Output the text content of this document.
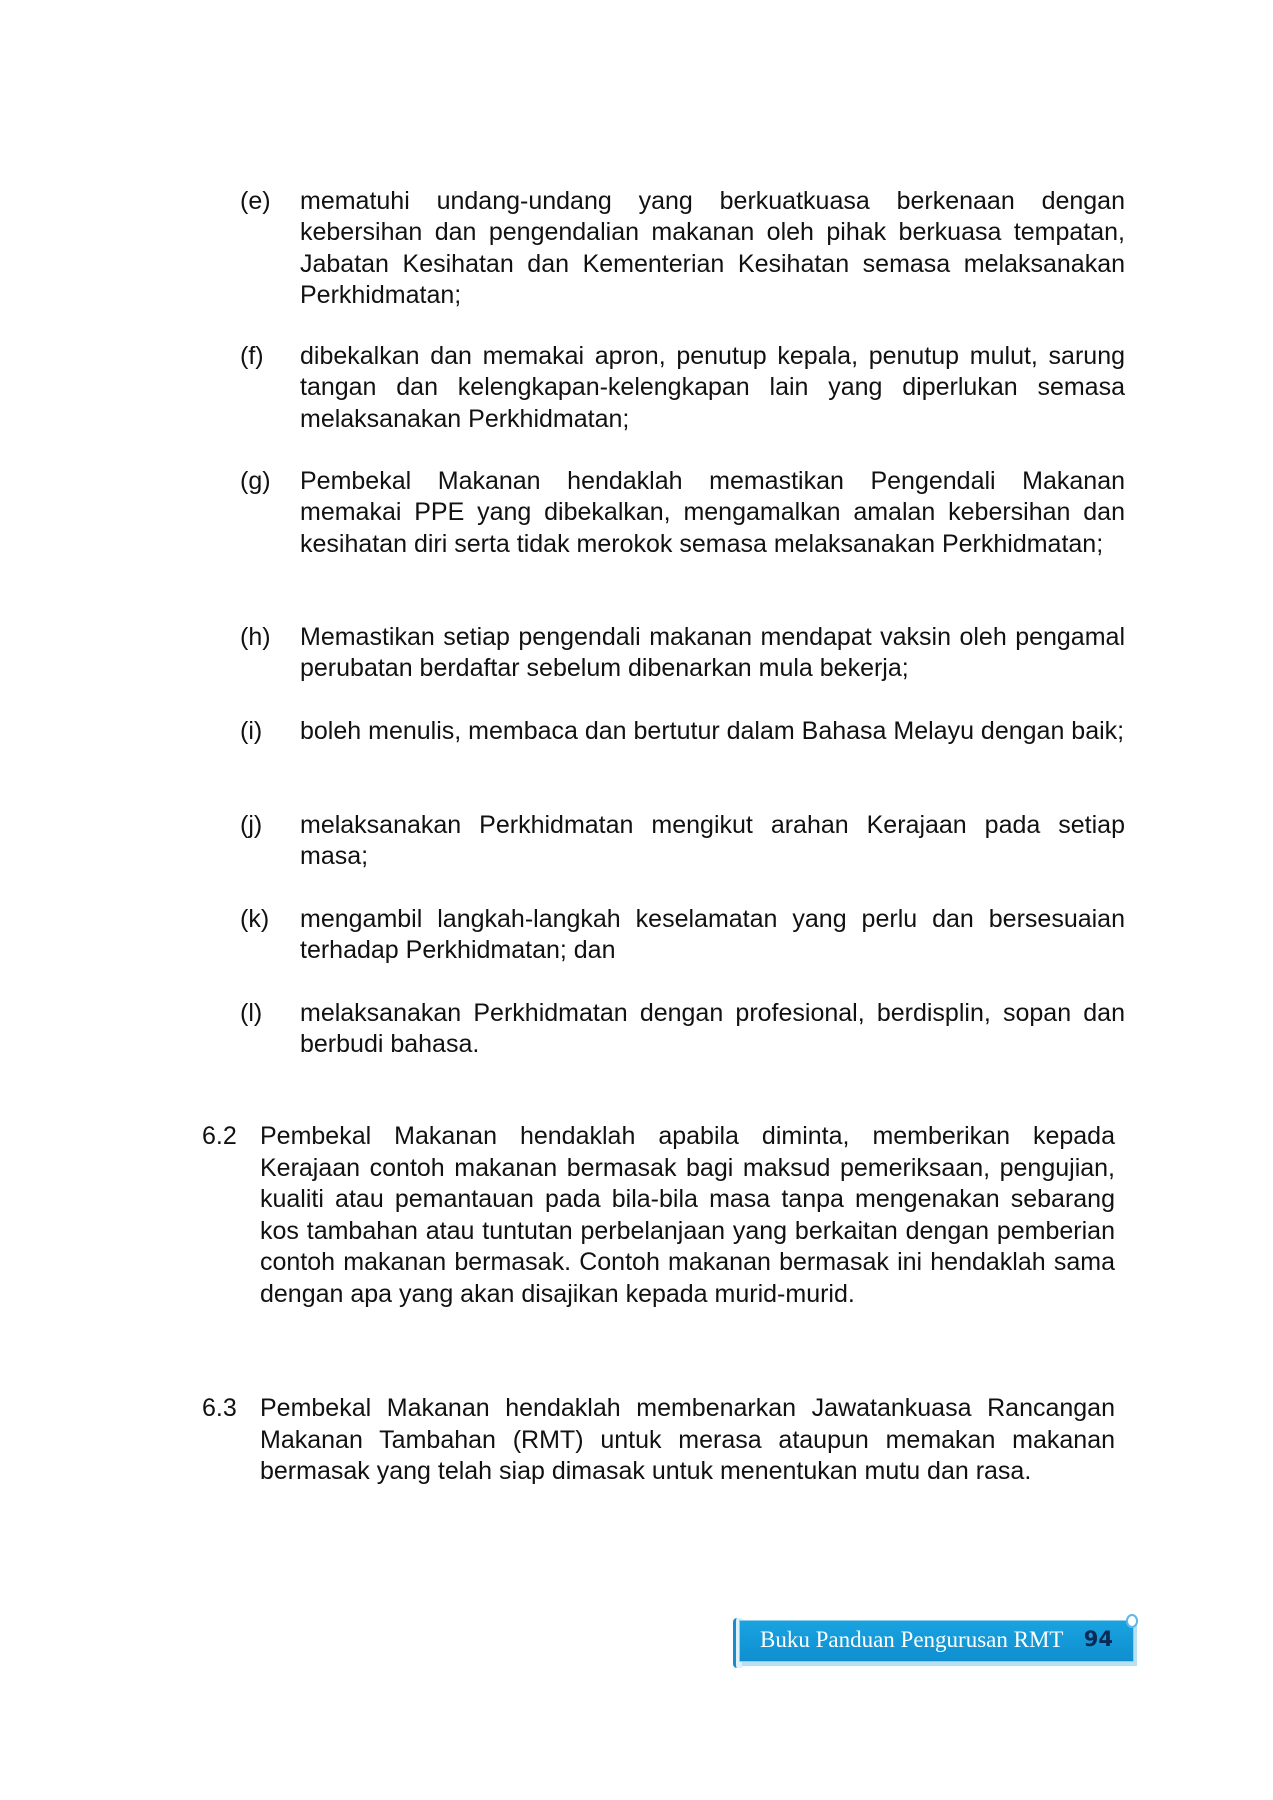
(e) mematuhi undang-undang yang berkuatkuasa berkenaan dengan kebersihan dan pengendalian makanan oleh pihak berkuasa tempatan, Jabatan Kesihatan dan Kementerian Kesihatan semasa melaksanakan Perkhidmatan;
(f) dibekalkan dan memakai apron, penutup kepala, penutup mulut, sarung tangan dan kelengkapan-kelengkapan lain yang diperlukan semasa melaksanakan Perkhidmatan;
(g) Pembekal Makanan hendaklah memastikan Pengendali Makanan memakai PPE yang dibekalkan, mengamalkan amalan kebersihan dan kesihatan diri serta tidak merokok semasa melaksanakan Perkhidmatan;
(h) Memastikan setiap pengendali makanan mendapat vaksin oleh pengamal perubatan berdaftar sebelum dibenarkan mula bekerja;
(i) boleh menulis, membaca dan bertutur dalam Bahasa Melayu dengan baik;
(j) melaksanakan Perkhidmatan mengikut arahan Kerajaan pada setiap masa;
(k) mengambil langkah-langkah keselamatan yang perlu dan bersesuaian terhadap Perkhidmatan; dan
(l) melaksanakan Perkhidmatan dengan profesional, berdisplin, sopan dan berbudi bahasa.
6.2 Pembekal Makanan hendaklah apabila diminta, memberikan kepada Kerajaan contoh makanan bermasak bagi maksud pemeriksaan, pengujian, kualiti atau pemantauan pada bila-bila masa tanpa mengenakan sebarang kos tambahan atau tuntutan perbelanjaan yang berkaitan dengan pemberian contoh makanan bermasak. Contoh makanan bermasak ini hendaklah sama dengan apa yang akan disajikan kepada murid-murid.
6.3 Pembekal Makanan hendaklah membenarkan Jawatankuasa Rancangan Makanan Tambahan (RMT) untuk merasa ataupun memakan makanan bermasak yang telah siap dimasak untuk menentukan mutu dan rasa.
Buku Panduan Pengurusan RMT 94
